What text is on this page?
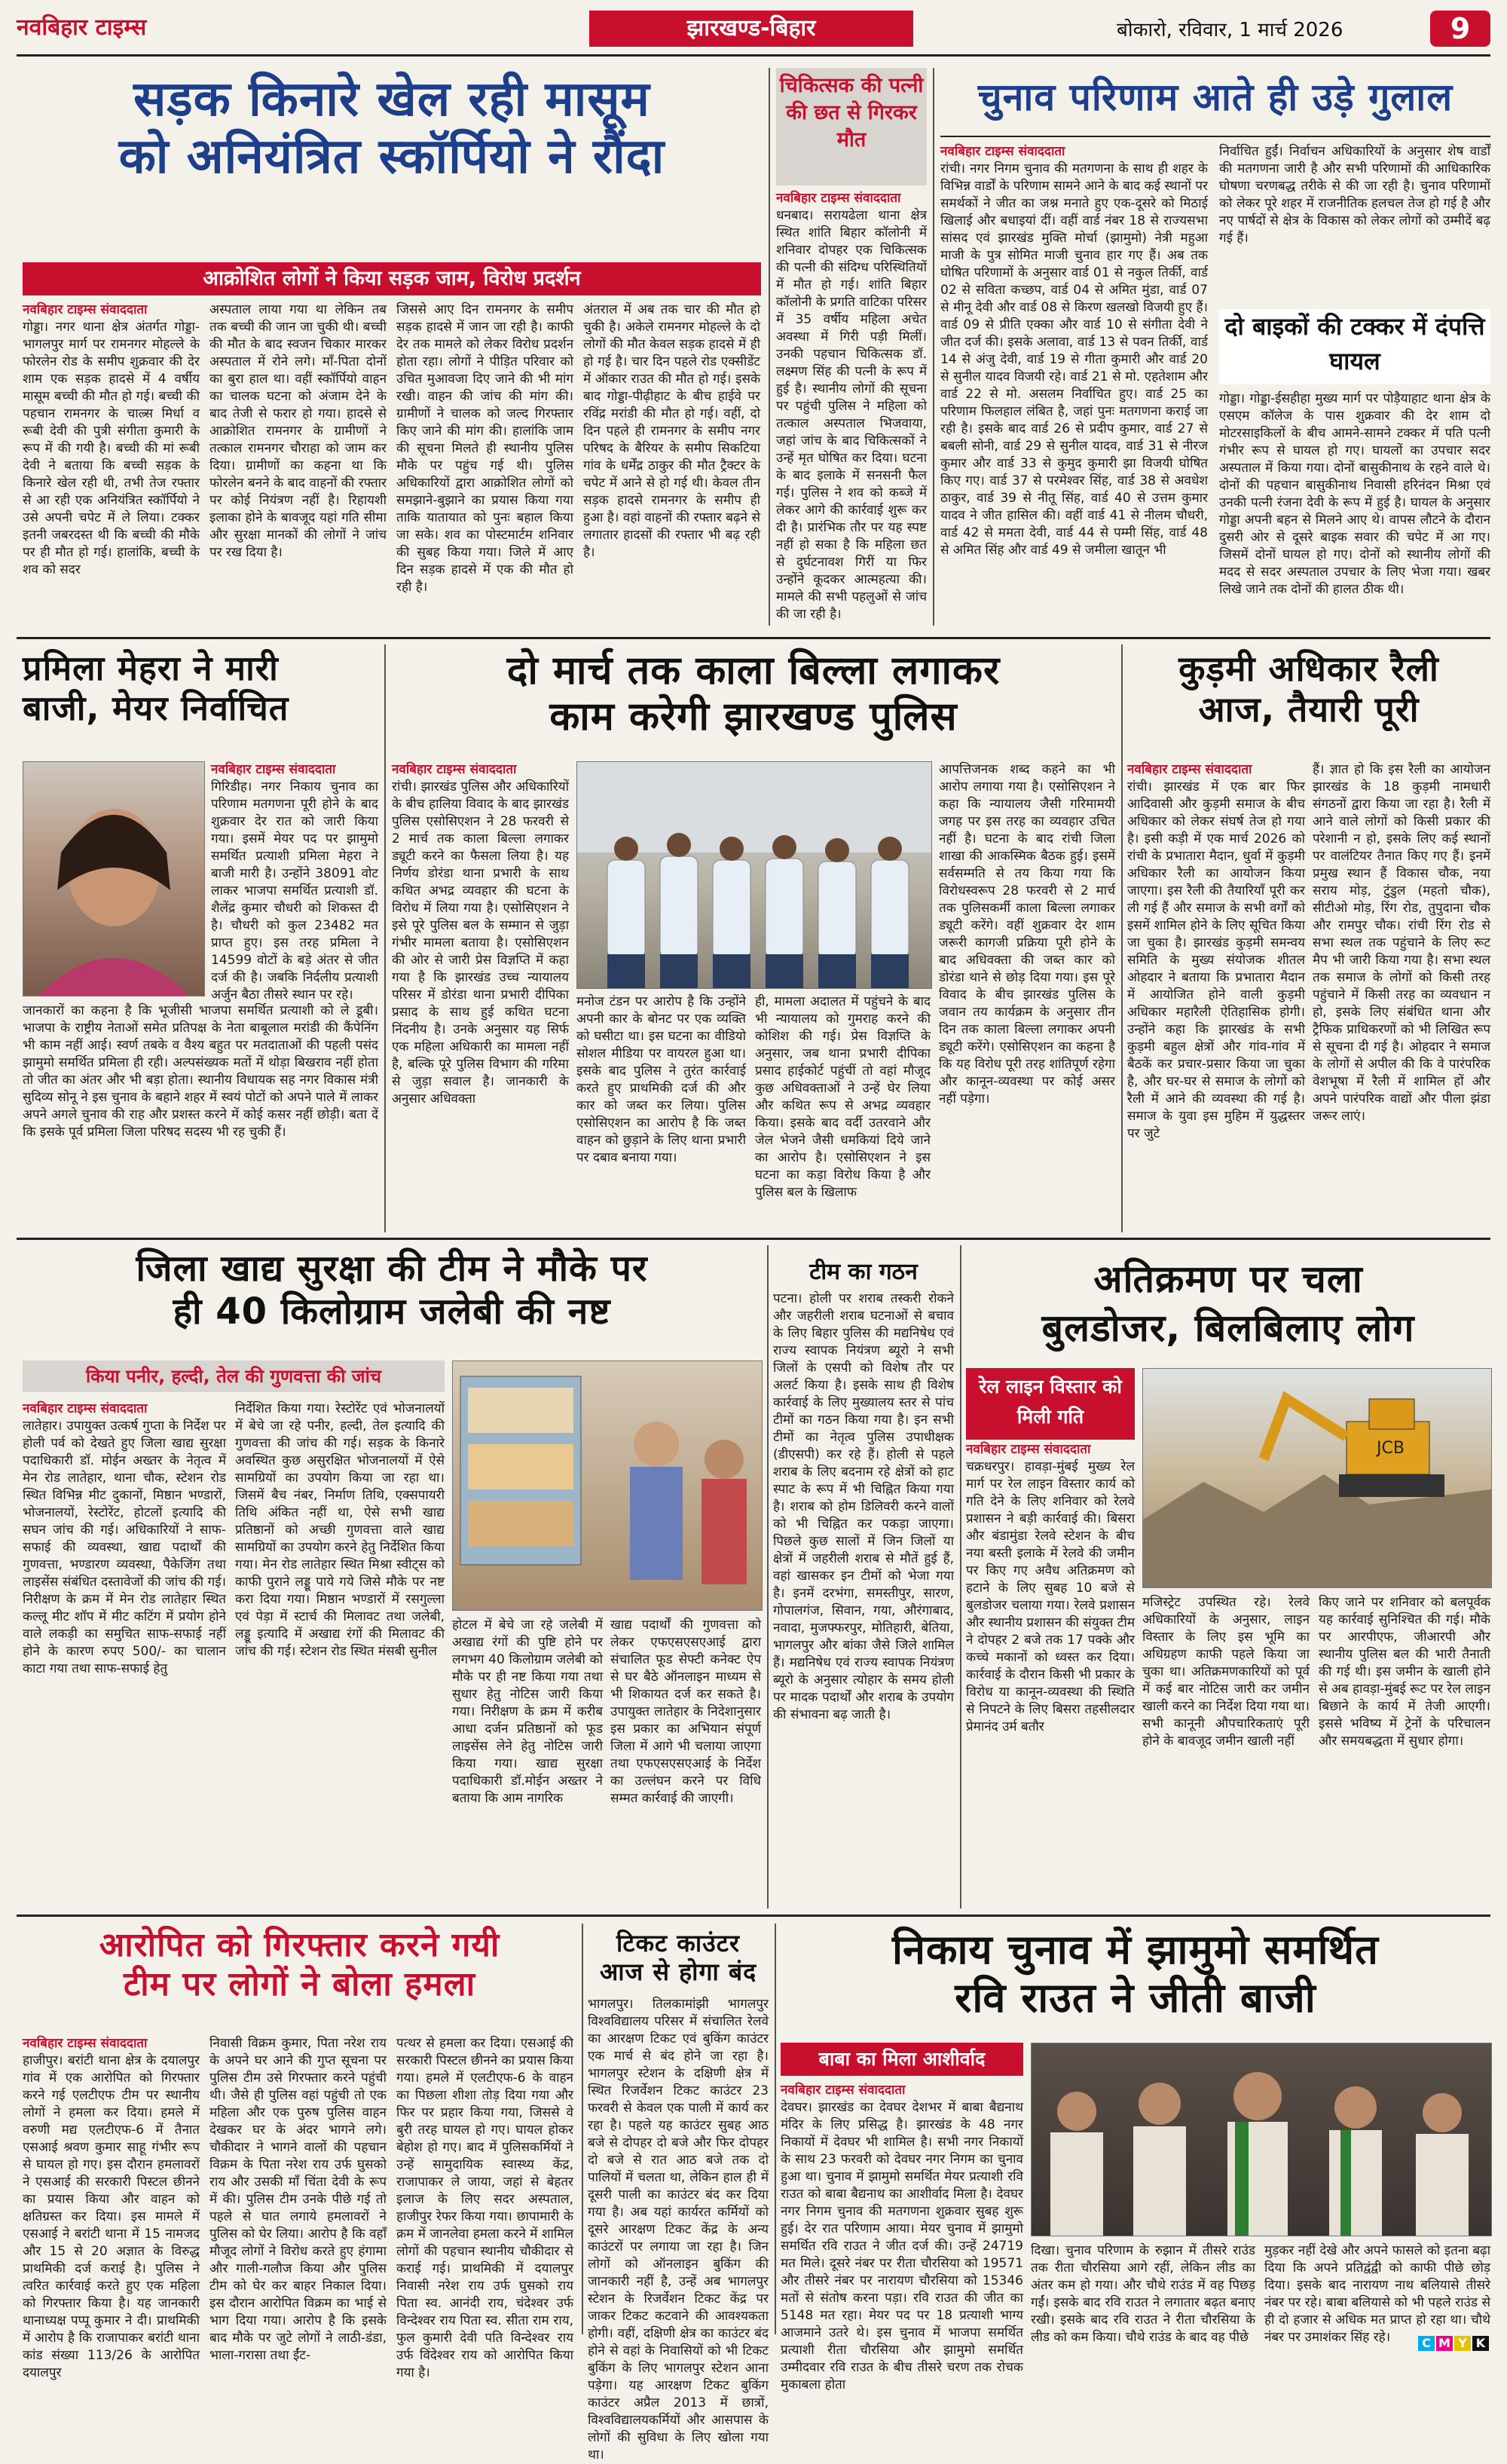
नवबिहार टाइम्स	झारखण्ड-बिहार	बोकारो, रविवार, 1 मार्च 2026	9
सड़क किनारे खेल रही मासूम
को अनियंत्रित स्कॉर्पियो ने रौंदा
आक्रोशित लोगों ने किया सड़क जाम, विरोध प्रदर्शन
नवबिहार टाइम्स संवाददाता
गोड्डा। नगर थाना क्षेत्र अंतर्गत गोड्डा-भागलपुर मार्ग पर रामनगर मोहल्ले के फोरलेन रोड के समीप शुक्रवार की देर शाम एक सड़क हादसे में 4 वर्षीय मासूम बच्ची की मौत हो गई। बच्ची की पहचान रामनगर के चाल्र्स मिर्धा व रूबी देवी की पुत्री संगीता कुमारी के रूप में की गयी है। बच्ची की मां रूबी देवी ने बताया कि बच्ची सड़क के किनारे खेल रही थी, तभी तेज रफ्तार से आ रही एक अनियंत्रित स्कॉर्पियो ने उसे अपनी चपेट में ले लिया। टक्कर इतनी जबरदस्त थी कि बच्ची की मौके पर ही मौत हो गई। हालांकि, बच्ची के शव को सदर
अस्पताल लाया गया था लेकिन तब तक बच्ची की जान जा चुकी थी। बच्ची की मौत के बाद स्वजन चिकार मारकर अस्पताल में रोने लगे। माँ-पिता दोनों का बुरा हाल था। वहीं स्कॉर्पियो वाहन का चालक घटना को अंजाम देने के बाद तेजी से फरार हो गया। हादसे से आक्रोशित रामनगर के ग्रामीणों ने तत्काल रामनगर चौराहा को जाम कर दिया। ग्रामीणों का कहना था कि फोरलेन बनने के बाद वाहनों की रफ्तार पर कोई नियंत्रण नहीं है। रिहायशी इलाका होने के बावजूद यहां गति सीमा और सुरक्षा मानकों की लोगों ने जांच पर रख दिया है।
जिससे आए दिन रामनगर के समीप सड़क हादसे में जान जा रही है। काफी देर तक मामले को लेकर विरोध प्रदर्शन होता रहा। लोगों ने पीड़ित परिवार को उचित मुआवजा दिए जाने की भी मांग रखी। वाहन की जांच की मांग की। ग्रामीणों ने चालक को जल्द गिरफ्तार किए जाने की मांग की। हालांकि जाम की सूचना मिलते ही स्थानीय पुलिस मौके पर पहुंच गई थी। पुलिस अधिकारियों द्वारा आक्रोशित लोगों को समझाने-बुझाने का प्रयास किया गया ताकि यातायात को पुनः बहाल किया जा सके। शव का पोस्टमार्टम शनिवार की सुबह किया गया। जिले में आए दिन सड़क हादसे में एक की मौत हो रही है।
अंतराल में अब तक चार की मौत हो चुकी है। अकेले रामनगर मोहल्ले के दो लोगों की मौत केवल सड़क हादसे में ही हो गई है। चार दिन पहले रोड एक्सीडेंट में ऑकार राउत की मौत हो गई। इसके बाद गोड्डा-पीढ़ीहाट के बीच हाईवे पर रविंद्र मरांडी की मौत हो गई। वहीं, दो दिन पहले ही रामनगर के समीप नगर परिषद के बैरियर के समीप सिकटिया गांव के धर्मेंद्र ठाकुर की मौत ट्रैक्टर के चपेट में आने से हो गई थी। केवल तीन सड़क हादसे रामनगर के समीप ही हुआ है। वहां वाहनों की रफ्तार बढ़ने से लगातार हादसों की रफ्तार भी बढ़ रही है।
चिकित्सक की पत्नी की छत से गिरकर मौत
नवबिहार टाइम्स संवाददाता
धनबाद। सरायढेला थाना क्षेत्र स्थित शांति बिहार कॉलोनी में शनिवार दोपहर एक चिकित्सक की पत्नी की संदिग्ध परिस्थितियों में मौत हो गई। शांति बिहार कॉलोनी के प्रगति वाटिका परिसर में 35 वर्षीय महिला अचेत अवस्था में गिरी पड़ी मिलीं। उनकी पहचान चिकित्सक डॉ. लक्ष्मण सिंह की पत्नी के रूप में हुई है। स्थानीय लोगों की सूचना पर पहुंची पुलिस ने महिला को तत्काल अस्पताल भिजवाया, जहां जांच के बाद चिकित्सकों ने उन्हें मृत घोषित कर दिया। घटना के बाद इलाके में सनसनी फैल गई। पुलिस ने शव को कब्जे में लेकर आगे की कार्रवाई शुरू कर दी है। प्रारंभिक तौर पर यह स्पष्ट नहीं हो सका है कि महिला छत से दुर्घटनावश गिरीं या फिर उन्होंने कूदकर आत्महत्या की। मामले की सभी पहलुओं से जांच की जा रही है।
चुनाव परिणाम आते ही उड़े गुलाल
नवबिहार टाइम्स संवाददाता
रांची। नगर निगम चुनाव की मतगणना के साथ ही शहर के विभिन्न वार्डों के परिणाम सामने आने के बाद कई स्थानों पर समर्थकों ने जीत का जश्न मनाते हुए एक-दूसरे को मिठाई खिलाई और बधाइयां दीं। वहीं वार्ड नंबर 18 से राज्यसभा सांसद एवं झारखंड मुक्ति मोर्चा (झामुमो) नेत्री महुआ माजी के पुत्र सोमित माजी चुनाव हार गए हैं। अब तक घोषित परिणामों के अनुसार वार्ड 01 से नकुल तिर्की, वार्ड 02 से सविता कच्छप, वार्ड 04 से अमित मुंडा, वार्ड 07 से मीनू देवी और वार्ड 08 से किरण खलखो विजयी हुए हैं। वार्ड 09 से प्रीति एक्का और वार्ड 10 से संगीता देवी ने जीत दर्ज की। इसके अलावा, वार्ड 13 से पवन तिर्की, वार्ड 14 से अंजु देवी, वार्ड 19 से गीता कुमारी और वार्ड 20 से सुनील यादव विजयी रहे। वार्ड 21 से मो. एहतेशाम और वार्ड 22 से मो. असलम निर्वाचित हुए। वार्ड 25 का परिणाम फिलहाल लंबित है, जहां पुनः मतगणना कराई जा रही है। इसके बाद वार्ड 26 से प्रदीप कुमार, वार्ड 27 से बबली सोनी, वार्ड 29 से सुनील यादव, वार्ड 31 से नीरज कुमार और वार्ड 33 से कुमुद कुमारी झा विजयी घोषित किए गए। वार्ड 37 से परमेश्वर सिंह, वार्ड 38 से अवधेश ठाकुर, वार्ड 39 से नीतू सिंह, वार्ड 40 से उत्तम कुमार यादव ने जीत हासिल की। वहीं वार्ड 41 से नीलम चौधरी, वार्ड 42 से ममता देवी, वार्ड 44 से पम्मी सिंह, वार्ड 48 से अमित सिंह और वार्ड 49 से जमीला खातून भी
निर्वाचित हुईं। निर्वाचन अधिकारियों के अनुसार शेष वार्डों की मतगणना जारी है और सभी परिणामों की आधिकारिक घोषणा चरणबद्ध तरीके से की जा रही है। चुनाव परिणामों को लेकर पूरे शहर में राजनीतिक हलचल तेज हो गई है और नए पार्षदों से क्षेत्र के विकास को लेकर लोगों को उम्मीदें बढ़ गई हैं।
दो बाइकों की टक्कर में दंपत्ति घायल
गोड्डा। गोड्डा-ईसहीहा मुख्य मार्ग पर पोड़ैयाहाट थाना क्षेत्र के एसएम कॉलेज के पास शुक्रवार की देर शाम दो मोटरसाइकिलों के बीच आमने-सामने टक्कर में पति पत्नी गंभीर रूप से घायल हो गए। घायलों का उपचार सदर अस्पताल में किया गया। दोनों बासुकीनाथ के रहने वाले थे। दोनों की पहचान बासुकीनाथ निवासी हरिनंदन मिश्रा एवं उनकी पत्नी रंजना देवी के रूप में हुई है। घायल के अनुसार गोड्डा अपनी बहन से मिलने आए थे। वापस लौटने के दौरान दुसरी ओर से दूसरे बाइक सवार की चपेट में आ गए। जिसमें दोनों घायल हो गए। दोनों को स्थानीय लोगों की मदद से सदर अस्पताल उपचार के लिए भेजा गया। खबर लिखे जाने तक दोनों की हालत ठीक थी।
प्रमिला मेहरा ने मारी
बाजी, मेयर निर्वाचित
नवबिहार टाइम्स संवाददाता
गिरिडीह। नगर निकाय चुनाव का परिणाम मतगणना पूरी होने के बाद शुक्रवार देर रात को जारी किया गया। इसमें मेयर पद पर झामुमो समर्थित प्रत्याशी प्रमिला मेहरा ने बाजी मारी है। उन्होंने 38091 वोट लाकर भाजपा समर्थित प्रत्याशी डॉ. शैलेंद्र कुमार चौधरी को शिकस्त दी है। चौधरी को कुल 23482 मत प्राप्त हुए। इस तरह प्रमिला ने 14599 वोटों के बड़े अंतर से जीत दर्ज की है। जबकि निर्दलीय प्रत्याशी अर्जुन बैठा तीसरे स्थान पर रहे।
जानकारों का कहना है कि भूजीसी भाजपा समर्थित प्रत्याशी को ले डूबी। भाजपा के राष्ट्रीय नेताओं समेत प्रतिपक्ष के नेता बाबूलाल मरांडी की कैंपेनिंग भी काम नहीं आई। स्वर्ण तबके व वैश्य बहुत पर मतदाताओं की पहली पसंद झामुमो समर्थित प्रमिला ही रही। अल्पसंख्यक मतों में थोड़ा बिखराव नहीं होता तो जीत का अंतर और भी बड़ा होता। स्थानीय विधायक सह नगर विकास मंत्री सुदिव्य सोनू ने इस चुनाव के बहाने शहर में स्वयं पोटों को अपने पाले में लाकर अपने अगले चुनाव की राह और प्रशस्त करने में कोई कसर नहीं छोड़ी। बता दें कि इसके पूर्व प्रमिला जिला परिषद सदस्य भी रह चुकी हैं।
दो मार्च तक काला बिल्ला लगाकर
काम करेगी झारखण्ड पुलिस
नवबिहार टाइम्स संवाददाता
रांची। झारखंड पुलिस और अधिकारियों के बीच हालिया विवाद के बाद झारखंड पुलिस एसोसिएशन ने 28 फरवरी से 2 मार्च तक काला बिल्ला लगाकर ड्यूटी करने का फैसला लिया है। यह निर्णय डोरंडा थाना प्रभारी के साथ कथित अभद्र व्यवहार की घटना के विरोध में लिया गया है। एसोसिएशन ने इसे पूरे पुलिस बल के सम्मान से जुड़ा गंभीर मामला बताया है। एसोसिएशन की ओर से जारी प्रेस विज्ञप्ति में कहा गया है कि झारखंड उच्च न्यायालय परिसर में डोरंडा थाना प्रभारी दीपिका प्रसाद के साथ हुई कथित घटना निंदनीय है। उनके अनुसार यह सिर्फ एक महिला अधिकारी का मामला नहीं है, बल्कि पूरे पुलिस विभाग की गरिमा से जुड़ा सवाल है। जानकारी के अनुसार अधिवक्ता
मनोज टंडन पर आरोप है कि उन्होंने अपनी कार के बोनट पर एक व्यक्ति को घसीटा था। इस घटना का वीडियो सोशल मीडिया पर वायरल हुआ था। इसके बाद पुलिस ने तुरंत कार्रवाई करते हुए प्राथमिकी दर्ज की और कार को जब्त कर लिया। पुलिस एसोसिएशन का आरोप है कि जब्त वाहन को छुड़ाने के लिए थाना प्रभारी पर दबाव बनाया गया।
ही, मामला अदालत में पहुंचने के बाद भी न्यायालय को गुमराह करने की कोशिश की गई। प्रेस विज्ञप्ति के अनुसार, जब थाना प्रभारी दीपिका प्रसाद हाईकोर्ट पहुंचीं तो वहां मौजूद कुछ अधिवक्ताओं ने उन्हें घेर लिया और कथित रूप से अभद्र व्यवहार किया। इसके बाद वर्दी उतरवाने और जेल भेजने जैसी धमकियां दिये जाने का आरोप है। एसोसिएशन ने इस घटना का कड़ा विरोध किया है और पुलिस बल के खिलाफ
आपत्तिजनक शब्द कहने का भी आरोप लगाया गया है। एसोसिएशन ने कहा कि न्यायालय जैसी गरिमामयी जगह पर इस तरह का व्यवहार उचित नहीं है। घटना के बाद रांची जिला शाखा की आकस्मिक बैठक हुई। इसमें सर्वसम्मति से तय किया गया कि विरोधस्वरूप 28 फरवरी से 2 मार्च तक पुलिसकर्मी काला बिल्ला लगाकर ड्यूटी करेंगे। वहीं शुक्रवार देर शाम जरूरी कागजी प्रक्रिया पूरी होने के बाद अधिवक्ता की जब्त कार को डोरंडा थाने से छोड़ दिया गया। इस पूरे विवाद के बीच झारखंड पुलिस के जवान तय कार्यक्रम के अनुसार तीन दिन तक काला बिल्ला लगाकर अपनी ड्यूटी करेंगे। एसोसिएशन का कहना है कि यह विरोध पूरी तरह शांतिपूर्ण रहेगा और कानून-व्यवस्था पर कोई असर नहीं पड़ेगा।
कुड़मी अधिकार रैली
आज, तैयारी पूरी
नवबिहार टाइम्स संवाददाता
रांची। झारखंड में एक बार फिर आदिवासी और कुड़मी समाज के बीच अधिकार को लेकर संघर्ष तेज हो गया है। इसी कड़ी में एक मार्च 2026 को रांची के प्रभातारा मैदान, धुर्वा में कुड़मी अधिकार रैली का आयोजन किया जाएगा। इस रैली की तैयारियाँ पूरी कर ली गई हैं और समाज के सभी वर्गों को इसमें शामिल होने के लिए सूचित किया जा चुका है। झारखंड कुड़मी समन्वय समिति के मुख्य संयोजक शीतल ओहदार ने बताया कि प्रभातारा मैदान में आयोजित होने वाली कुड़मी अधिकार महारैली ऐतिहासिक होगी। उन्होंने कहा कि झारखंड के सभी कुड़मी बहुल क्षेत्रों और गांव-गांव में बैठकें कर प्रचार-प्रसार किया जा चुका है, और घर-घर से समाज के लोगों को रैली में आने की व्यवस्था की गई है। समाज के युवा इस मुहिम में युद्धस्तर पर जुटे
हैं। ज्ञात हो कि इस रैली का आयोजन झारखंड के 18 कुड़मी नामधारी संगठनों द्वारा किया जा रहा है। रैली में आने वाले लोगों को किसी प्रकार की परेशानी न हो, इसके लिए कई स्थानों पर वालंटियर तैनात किए गए हैं। इनमें प्रमुख स्थान हैं विकास चौक, नया सराय मोड़, टुंडुल (महतो चौक), सीटीओ मोड़, रिंग रोड, तुपुदाना चौक और रामपुर चौक। रांची रिंग रोड से सभा स्थल तक पहुंचाने के लिए रूट मैप भी जारी किया गया है। सभा स्थल तक समाज के लोगों को किसी तरह पहुंचाने में किसी तरह का व्यवधान न हो, इसके लिए संबंधित थाना और ट्रैफिक प्राधिकरणों को भी लिखित रूप से सूचना दी गई है। ओहदार ने समाज के लोगों से अपील की कि वे पारंपरिक वेशभूषा में रैली में शामिल हों और अपने पारंपरिक वाद्यों और पीला झंडा जरूर लाएं।
जिला खाद्य सुरक्षा की टीम ने मौके पर
ही 40 किलोग्राम जलेबी की नष्ट
किया पनीर, हल्दी, तेल की गुणवत्ता की जांच
नवबिहार टाइम्स संवाददाता
लातेहार। उपायुक्त उत्कर्ष गुप्ता के निर्देश पर होली पर्व को देखते हुए जिला खाद्य सुरक्षा पदाधिकारी डॉ. मोईन अख्तर के नेतृत्व में मेन रोड लातेहार, थाना चौक, स्टेशन रोड स्थित विभिन्न मीट दुकानों, मिष्ठान भण्डारों, भोजनालयों, रेस्टोरेंट, होटलों इत्यादि की सघन जांच की गई। अधिकारियों ने साफ-सफाई की व्यवस्था, खाद्य पदार्थों की गुणवत्ता, भण्डारण व्यवस्था, पैकेजिंग तथा लाइसेंस संबंधित दस्तावेजों की जांच की गई। निरीक्षण के क्रम में मेन रोड लातेहार स्थित कल्लू मीट शॉप में मीट कटिंग में प्रयोग होने वाले लकड़ी का समुचित साफ-सफाई नहीं होने के कारण रुपए 500/- का चालान काटा गया तथा साफ-सफाई हेतु
निर्देशित किया गया। रेस्टोरेंट एवं भोजनालयों में बेचे जा रहे पनीर, हल्दी, तेल इत्यादि की गुणवत्ता की जांच की गई। सड़क के किनारे अवस्थित कुछ असुरक्षित भोजनालयों में ऐसे सामग्रियों का उपयोग किया जा रहा था। जिसमें बैच नंबर, निर्माण तिथि, एक्सपायरी तिथि अंकित नहीं था, ऐसे सभी खाद्य प्रतिष्ठानों को अच्छी गुणवत्ता वाले खाद्य सामग्रियों का उपयोग करने हेतु निर्देशित किया गया। मेन रोड लातेहार स्थित मिश्रा स्वीट्स को काफी पुराने लड्डू पाये गये जिसे मौके पर नष्ट करा दिया गया। मिष्ठान भण्डारों में रसगुल्ला एवं पेड़ा में स्टार्च की मिलावट तथा जलेबी, लड्डू इत्यादि में अखाद्य रंगों की मिलावट की जांच की गई। स्टेशन रोड स्थित मंसबी सुनील
होटल में बेचे जा रहे जलेबी में अखाद्य रंगों की पुष्टि होने पर लगभग 40 किलोग्राम जलेबी को मौके पर ही नष्ट किया गया तथा सुधार हेतु नोटिस जारी किया गया। निरीक्षण के क्रम में करीब आधा दर्जन प्रतिष्ठानों को फूड लाइसेंस लेने हेतु नोटिस जारी किया गया। खाद्य सुरक्षा पदाधिकारी डॉ.मोईन अख्तर ने बताया कि आम नागरिक
खाद्य पदार्थों की गुणवत्ता को लेकर एफएसएसएआई द्वारा संचालित फूड सेफ्टी कनेक्ट ऐप से घर बैठे ऑनलाइन माध्यम से भी शिकायत दर्ज कर सकते है। उपायुक्त लातेहार के निदेशानुसार इस प्रकार का अभियान संपूर्ण जिला में आगे भी चलाया जाएगा तथा एफएसएसएआई के निर्देश का उल्लंघन करने पर विधि सम्मत कार्रवाई की जाएगी।
टीम का गठन
पटना। होली पर शराब तस्करी रोकने और जहरीली शराब घटनाओं से बचाव के लिए बिहार पुलिस की मद्यनिषेध एवं राज्य स्वापक नियंत्रण ब्यूरो ने सभी जिलों के एसपी को विशेष तौर पर अलर्ट किया है। इसके साथ ही विशेष कार्रवाई के लिए मुख्यालय स्तर से पांच टीमों का गठन किया गया है। इन सभी टीमों का नेतृत्व पुलिस उपाधीक्षक (डीएसपी) कर रहे हैं। होली से पहले शराब के लिए बदनाम रहे क्षेत्रों को हाट स्पाट के रूप में भी चिह्नित किया गया है। शराब को होम डिलिवरी करने वालों को भी चिह्नित कर पकड़ा जाएगा। पिछले कुछ सालों में जिन जिलों या क्षेत्रों में जहरीली शराब से मौतें हुई हैं, वहां खासकर इन टीमों को भेजा गया है। इनमें दरभंगा, समस्तीपुर, सारण, गोपालगंज, सिवान, गया, औरंगाबाद, नवादा, मुजफ्फरपुर, मोतिहारी, बेतिया, भागलपुर और बांका जैसे जिले शामिल हैं। मद्यनिषेध एवं राज्य स्वापक नियंत्रण ब्यूरो के अनुसार त्योहार के समय होली पर मादक पदार्थों और शराब के उपयोग की संभावना बढ़ जाती है।
अतिक्रमण पर चला
बुलडोजर, बिलबिलाए लोग
रेल लाइन विस्तार को मिली गति
JCB
नवबिहार टाइम्स संवाददाता
चक्रधरपुर। हावड़ा-मुंबई मुख्य रेल मार्ग पर रेल लाइन विस्तार कार्य को गति देने के लिए शनिवार को रेलवे प्रशासन ने बड़ी कार्रवाई की। बिसरा और बंडामुंडा रेलवे स्टेशन के बीच नया बस्ती इलाके में रेलवे की जमीन पर किए गए अवैध अतिक्रमण को हटाने के लिए सुबह 10 बजे से बुलडोजर चलाया गया। रेलवे प्रशासन और स्थानीय प्रशासन की संयुक्त टीम ने दोपहर 2 बजे तक 17 पक्के और कच्चे मकानों को ध्वस्त कर दिया। कार्रवाई के दौरान किसी भी प्रकार के विरोध या कानून-व्यवस्था की स्थिति से निपटने के लिए बिसरा तहसीलदार प्रेमानंद उर्म बतौर
मजिस्ट्रेट उपस्थित रहे। रेलवे अधिकारियों के अनुसार, लाइन विस्तार के लिए इस भूमि का अधिग्रहण काफी पहले किया जा चुका था। अतिक्रमणकारियों को पूर्व में कई बार नोटिस जारी कर जमीन खाली करने का निर्देश दिया गया था। सभी कानूनी औपचारिकताएं पूरी होने के बावजूद जमीन खाली नहीं
किए जाने पर शनिवार को बलपूर्वक यह कार्रवाई सुनिश्चित की गई। मौके पर आरपीएफ, जीआरपी और स्थानीय पुलिस बल की भारी तैनाती की गई थी। इस जमीन के खाली होने से अब हावड़ा-मुंबई रूट पर रेल लाइन बिछाने के कार्य में तेजी आएगी। इससे भविष्य में ट्रेनों के परिचालन और समयबद्धता में सुधार होगा।
आरोपित को गिरफ्तार करने गयी
टीम पर लोगों ने बोला हमला
नवबिहार टाइम्स संवाददाता
हाजीपुर। बरांटी थाना क्षेत्र के दयालपुर गांव में एक आरोपित को गिरफ्तार करने गई एलटीएफ टीम पर स्थानीय लोगों ने हमला कर दिया। हमले में वरुणी मद्य एलटीएफ-6 में तैनात एसआई श्रवण कुमार साहू गंभीर रूप से घायल हो गए। इस दौरान हमलावरों ने एसआई की सरकारी पिस्टल छीनने का प्रयास किया और वाहन को क्षतिग्रस्त कर दिया। इस मामले में एसआई ने बरांटी थाना में 15 नामजद और 15 से 20 अज्ञात के विरुद्ध प्राथमिकी दर्ज कराई है। पुलिस ने त्वरित कार्रवाई करते हुए एक महिला को गिरफ्तार किया है। यह जानकारी थानाध्यक्ष पप्पू कुमार ने दी। प्राथमिकी में आरोप है कि राजापाकर बरांटी थाना कांड संख्या 113/26 के आरोपित दयालपुर
निवासी विक्रम कुमार, पिता नरेश राय के अपने घर आने की गुप्त सूचना पर पुलिस टीम उसे गिरफ्तार करने पहुंची थी। जैसे ही पुलिस वहां पहुंची तो एक महिला और एक पुरुष पुलिस वाहन देखकर घर के अंदर भागने लगे। चौकीदार ने भागने वालों की पहचान विक्रम के पिता नरेश राय उर्फ घुसको राय और उसकी माँ चिंता देवी के रूप में की। पुलिस टीम उनके पीछे गई तो पहले से घात लगाये हमलावरों ने पुलिस को घेर लिया। आरोप है कि वहाँ मौजूद लोगों ने विरोध करते हुए हंगामा और गाली-गलौज किया और पुलिस टीम को घेर कर बाहर निकाल दिया। इस दौरान आरोपित विक्रम का भाई से भाग दिया गया। आरोप है कि इसके बाद मौके पर जुटे लोगों ने लाठी-डंडा, भाला-गरासा तथा ईंट-
पत्थर से हमला कर दिया। एसआई की सरकारी पिस्टल छीनने का प्रयास किया गया। हमले में एलटीएफ-6 के वाहन का पिछला शीशा तोड़ दिया गया और फिर पर प्रहार किया गया, जिससे वे बुरी तरह घायल हो गए। घायल होकर बेहोश हो गए। बाद में पुलिसकर्मियों ने उन्हें सामुदायिक स्वास्थ्य केंद्र, राजापाकर ले जाया, जहां से बेहतर इलाज के लिए सदर अस्पताल, हाजीपुर रेफर किया गया। छापामारी के क्रम में जानलेवा हमला करने में शामिल लोगों की पहचान स्थानीय चौकीदार से कराई गई। प्राथमिकी में दयालपुर निवासी नरेश राय उर्फ घुसको राय पिता स्व. आनंदी राय, चंदेश्वर उर्फ विन्देश्वर राय पिता स्व. सीता राम राय, फुल कुमारी देवी पति विन्देश्वर राय उर्फ विंदेश्वर राय को आरोपित किया गया है।
टिकट काउंटर
आज से होगा बंद
भागलपुर। तिलकामांझी भागलपुर विश्वविद्यालय परिसर में संचालित रेलवे का आरक्षण टिकट एवं बुकिंग काउंटर एक मार्च से बंद होने जा रहा है। भागलपुर स्टेशन के दक्षिणी क्षेत्र में स्थित रिजर्वेशन टिकट काउंटर 23 फरवरी से केवल एक पाली में कार्य कर रहा है। पहले यह काउंटर सुबह आठ बजे से दोपहर दो बजे और फिर दोपहर दो बजे से रात आठ बजे तक दो पालियों में चलता था, लेकिन हाल ही में दूसरी पाली का काउंटर बंद कर दिया गया है। अब यहां कार्यरत कर्मियों को दूसरे आरक्षण टिकट केंद्र के अन्य काउंटरों पर लगाया जा रहा है। जिन लोगों को ऑनलाइन बुकिंग की जानकारी नहीं है, उन्हें अब भागलपुर स्टेशन के रिजर्वेशन टिकट केंद्र पर जाकर टिकट कटवाने की आवश्यकता होगी। वहीं, दक्षिणी क्षेत्र का काउंटर बंद होने से वहां के निवासियों को भी टिकट बुकिंग के लिए भागलपुर स्टेशन आना पड़ेगा। यह आरक्षण टिकट बुकिंग काउंटर अप्रैल 2013 में छात्रों, विश्वविद्यालयकर्मियों और आसपास के लोगों की सुविधा के लिए खोला गया था।
निकाय चुनाव में झामुमो समर्थित
रवि राउत ने जीती बाजी
बाबा का मिला आशीर्वाद
नवबिहार टाइम्स संवाददाता
देवघर। झारखंड का देवघर देशभर में बाबा बैद्यनाथ मंदिर के लिए प्रसिद्ध है। झारखंड के 48 नगर निकायों में देवघर भी शामिल है। सभी नगर निकायों के साथ 23 फरवरी को देवघर नगर निगम का चुनाव हुआ था। चुनाव में झामुमो समर्थित मेयर प्रत्याशी रवि राउत को बाबा बैद्यनाथ का आशीर्वाद मिला है। देवघर नगर निगम चुनाव की मतगणना शुक्रवार सुबह शुरू हुई। देर रात परिणाम आया। मेयर चुनाव में झामुमो समर्थित रवि राउत ने जीत दर्ज की। उन्हें 24719 मत मिले। दूसरे नंबर पर रीता चौरसिया को 19571 और तीसरे नंबर पर नारायण चौरसिया को 15346 मतों से संतोष करना पड़ा। रवि राउत की जीत का 5148 मत रहा। मेयर पद पर 18 प्रत्याशी भाग्य आजमाने उतरे थे। इस चुनाव में भाजपा समर्थित प्रत्याशी रीता चौरसिया और झामुमो समर्थित उम्मीदवार रवि राउत के बीच तीसरे चरण तक रोचक मुकाबला होता
दिखा। चुनाव परिणाम के रुझान में तीसरे राउंड तक रीता चौरसिया आगे रहीं, लेकिन लीड का अंतर कम हो गया। और चौथे राउंड में वह पिछड़ गईं। इसके बाद रवि राउत ने लगातार बढ़त बनाए रखी। इसके बाद रवि राउत ने रीता चौरसिया के लीड को कम किया। चौथे राउंड के बाद वह पीछे
मुड़कर नहीं देखे और अपने फासले को इतना बढ़ा दिया कि अपने प्रतिद्वंद्वी को काफी पीछे छोड़ दिया। इसके बाद नारायण नाथ बलियासे तीसरे नंबर पर रहे। बाबा बलियासे को भी पहले राउंड से ही दो हजार से अधिक मत प्राप्त हो रहा था। चौथे नंबर पर उमाशंकर सिंह रहे।	C M Y K
